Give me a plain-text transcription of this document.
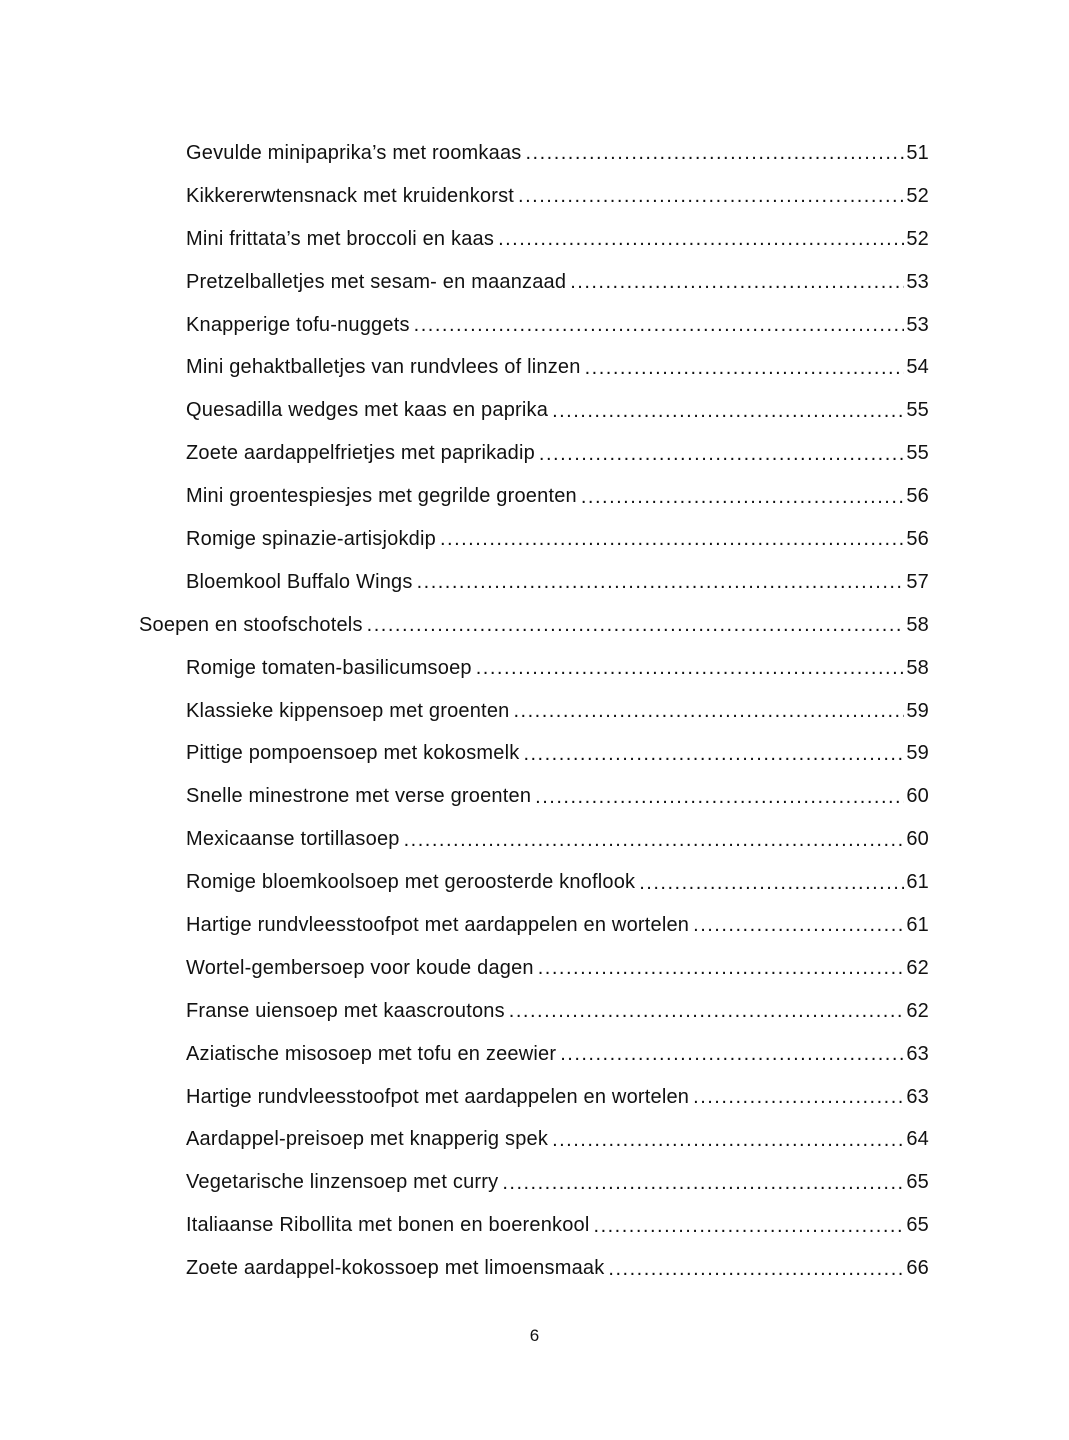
Gevulde minipaprika’s met roomkaas .....	51
Kikkererwtensnack met kruidenkorst .....	52
Mini frittata’s met broccoli en kaas .....	52
Pretzelballetjes met sesam- en maanzaad .....	53
Knapperige tofu-nuggets .....	53
Mini gehaktballetjes van rundvlees of linzen .....	54
Quesadilla wedges met kaas en paprika .....	55
Zoete aardappelfrietjes met paprikadip .....	55
Mini groentespiesjes met gegrilde groenten .....	56
Romige spinazie-artisjokdip .....	56
Bloemkool Buffalo Wings .....	57
Soepen en stoofschotels .....	58
Romige tomaten-basilicumsoep .....	58
Klassieke kippensoep met groenten .....	59
Pittige pompoensoep met kokosmelk .....	59
Snelle minestrone met verse groenten .....	60
Mexicaanse tortillasoep .....	60
Romige bloemkoolsoep met geroosterde knoflook .....	61
Hartige rundvleesstoofpot met aardappelen en wortelen .....	61
Wortel-gembersoep voor koude dagen .....	62
Franse uiensoep met kaascroutons .....	62
Aziatische misosoep met tofu en zeewier .....	63
Hartige rundvleesstoofpot met aardappelen en wortelen .....	63
Aardappel-preisoep met knapperig spek .....	64
Vegetarische linzensoep met curry .....	65
Italiaanse Ribollita met bonen en boerenkool .....	65
Zoete aardappel-kokossoep met limoensmaak .....	66
6
